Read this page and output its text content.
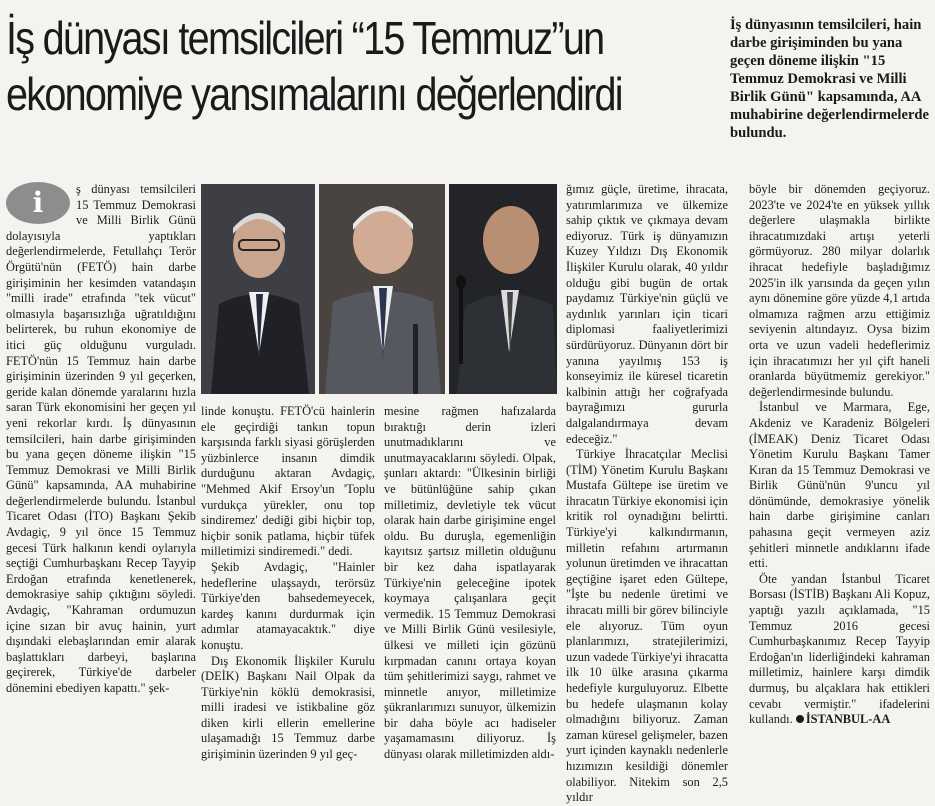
İş dünyası temsilcileri “15 Temmuz”un ekonomiye yansımalarını değerlendirdi

İş dünyasının temsilcileri, hain darbe girişiminden bu yana geçen döneme ilişkin "15 Temmuz Demokrasi ve Milli Birlik Günü" kapsamında, AA muhabirine değerlendirmelerde bulundu.

i	ş dünyası temsilcileri 15 Temmuz Demokrasi ve Milli Birlik Günü dolayısıyla yaptıkları değerlendirmelerde, Fetullahçı Terör Örgütü'nün (FETÖ) hain darbe girişiminin her kesimden vatandaşın "milli irade" etrafında "tek vücut" olmasıyla başarısızlığa uğratıldığını belirterek, bu ruhun ekonomiye de itici güç olduğunu vurguladı. FETÖ'nün 15 Temmuz hain darbe girişiminin üzerinden 9 yıl geçerken, geride kalan dönemde yaralarını hızla saran Türk ekonomisini her geçen yıl yeni rekorlar kırdı. İş dünyasının temsilcileri, hain darbe girişiminden bu yana geçen döneme ilişkin "15 Temmuz Demokrasi ve Milli Birlik Günü" kapsamında, AA muhabirine değerlendirmelerde bulundu. İstanbul Ticaret Odası (İTO) Başkanı Şekib Avdagiç, 9 yıl önce 15 Temmuz gecesi Türk halkının kendi oylarıyla seçtiği Cumhurbaşkanı Recep Tayyip Erdoğan etrafında kenetlenerek, demokrasiye sahip çıktığını söyledi. Avdagiç, "Kahraman ordumuzun içine sızan bir avuç hainin, yurt dışındaki elebaşlarından emir alarak başlattıkları darbeyi, başlarına geçirerek, Türkiye'de darbeler dönemini ebediyen kapattı." şek-

linde konuştu. FETÖ'cü hainlerin ele geçirdiği tankın topun karşısında farklı siyasi görüşlerden yüzbinlerce insanın dimdik durduğunu aktaran Avdagiç, "Mehmed Akif Ersoy'un 'Toplu vurdukça yürekler, onu top sindiremez' dediği gibi hiçbir top, hiçbir sonik patlama, hiçbir tüfek milletimizi sindiremedi." dedi.

Şekib Avdagiç, "Hainler hedeflerine ulaşsaydı, terörsüz Türkiye'den bahsedemeyecek, kardeş kanını durdurmak için adımlar atamayacaktık." diye konuştu.

Dış Ekonomik İlişkiler Kurulu (DEİK) Başkanı Nail Olpak da Türkiye'nin köklü demokrasisi, milli iradesi ve istikbaline göz diken kirli ellerin emellerine ulaşamadığı 15 Temmuz darbe girişiminin üzerinden 9 yıl geç-

mesine rağmen hafızalarda bıraktığı derin izleri unutmadıklarını ve unutmayacaklarını söyledi. Olpak, şunları aktardı: "Ülkesinin birliği ve bütünlüğüne sahip çıkan milletimiz, devletiyle tek vücut olarak hain darbe girişimine engel oldu. Bu duruşla, egemenliğin kayıtsız şartsız milletin olduğunu bir kez daha ispatlayarak Türkiye'nin geleceğine ipotek koymaya çalışanlara geçit vermedik. 15 Temmuz Demokrasi ve Milli Birlik Günü vesilesiyle, ülkesi ve milleti için gözünü kırpmadan canını ortaya koyan tüm şehitlerimizi saygı, rahmet ve minnetle anıyor, milletimize şükranlarımızı sunuyor, ülkemizin bir daha böyle acı hadiseler yaşamamasını diliyoruz. İş dünyası olarak milletimizden aldı-

ğımız güçle, üretime, ihracata, yatırımlarımıza ve ülkemize sahip çıktık ve çıkmaya devam ediyoruz. Türk iş dünyamızın Kuzey Yıldızı Dış Ekonomik İlişkiler Kurulu olarak, 40 yıldır olduğu gibi bugün de ortak paydamız Türkiye'nin güçlü ve aydınlık yarınları için ticari diplomasi faaliyetlerimizi sürdürüyoruz. Dünyanın dört bir yanına yayılmış 153 iş konseyimiz ile küresel ticaretin kalbinin attığı her coğrafyada bayrağımızı gururla dalgalandırmaya devam edeceğiz."

Türkiye İhracatçılar Meclisi (TİM) Yönetim Kurulu Başkanı Mustafa Gültepe ise üretim ve ihracatın Türkiye ekonomisi için kritik rol oynadığını belirtti. Türkiye'yi kalkındırmanın, milletin refahını artırmanın yolunun üretimden ve ihracattan geçtiğine işaret eden Gültepe, "İşte bu nedenle üretimi ve ihracatı milli bir görev bilinciyle ele alıyoruz. Tüm oyun planlarımızı, stratejilerimizi, uzun vadede Türkiye'yi ihracatta ilk 10 ülke arasına çıkarma hedefiyle kurguluyoruz. Elbette bu hedefe ulaşmanın kolay olmadığını biliyoruz. Zaman zaman küresel gelişmeler, bazen yurt içinden kaynaklı nedenlerle hızımızın kesildiği dönemler olabiliyor. Nitekim son 2,5 yıldır

böyle bir dönemden geçiyoruz. 2023'te ve 2024'te en yüksek yıllık değerlere ulaşmakla birlikte ihracatımızdaki artışı yeterli görmüyoruz. 280 milyar dolarlık ihracat hedefiyle başladığımız 2025'in ilk yarısında da geçen yılın aynı dönemine göre yüzde 4,1 artıda olmamıza rağmen arzu ettiğimiz seviyenin altındayız. Oysa bizim orta ve uzun vadeli hedeflerimiz için ihracatımızı her yıl çift haneli oranlarda büyütmemiz gerekiyor." değerlendirmesinde bulundu.

İstanbul ve Marmara, Ege, Akdeniz ve Karadeniz Bölgeleri (İMEAK) Deniz Ticaret Odası Yönetim Kurulu Başkanı Tamer Kıran da 15 Temmuz Demokrasi ve Birlik Günü'nün 9'uncu yıl dönümünde, demokrasiye yönelik hain darbe girişimine canları pahasına geçit vermeyen aziz şehitleri minnetle andıklarını ifade etti.

Öte yandan İstanbul Ticaret Borsası (İSTİB) Başkanı Ali Kopuz, yaptığı yazılı açıklamada, "15 Temmuz 2016 gecesi Cumhurbaşkanımız Recep Tayyip Erdoğan'ın liderliğindeki kahraman milletimiz, hainlere karşı dimdik durmuş, bu alçaklara hak ettikleri cevabı vermiştir." ifadelerini kullandı. İSTANBUL-AA
